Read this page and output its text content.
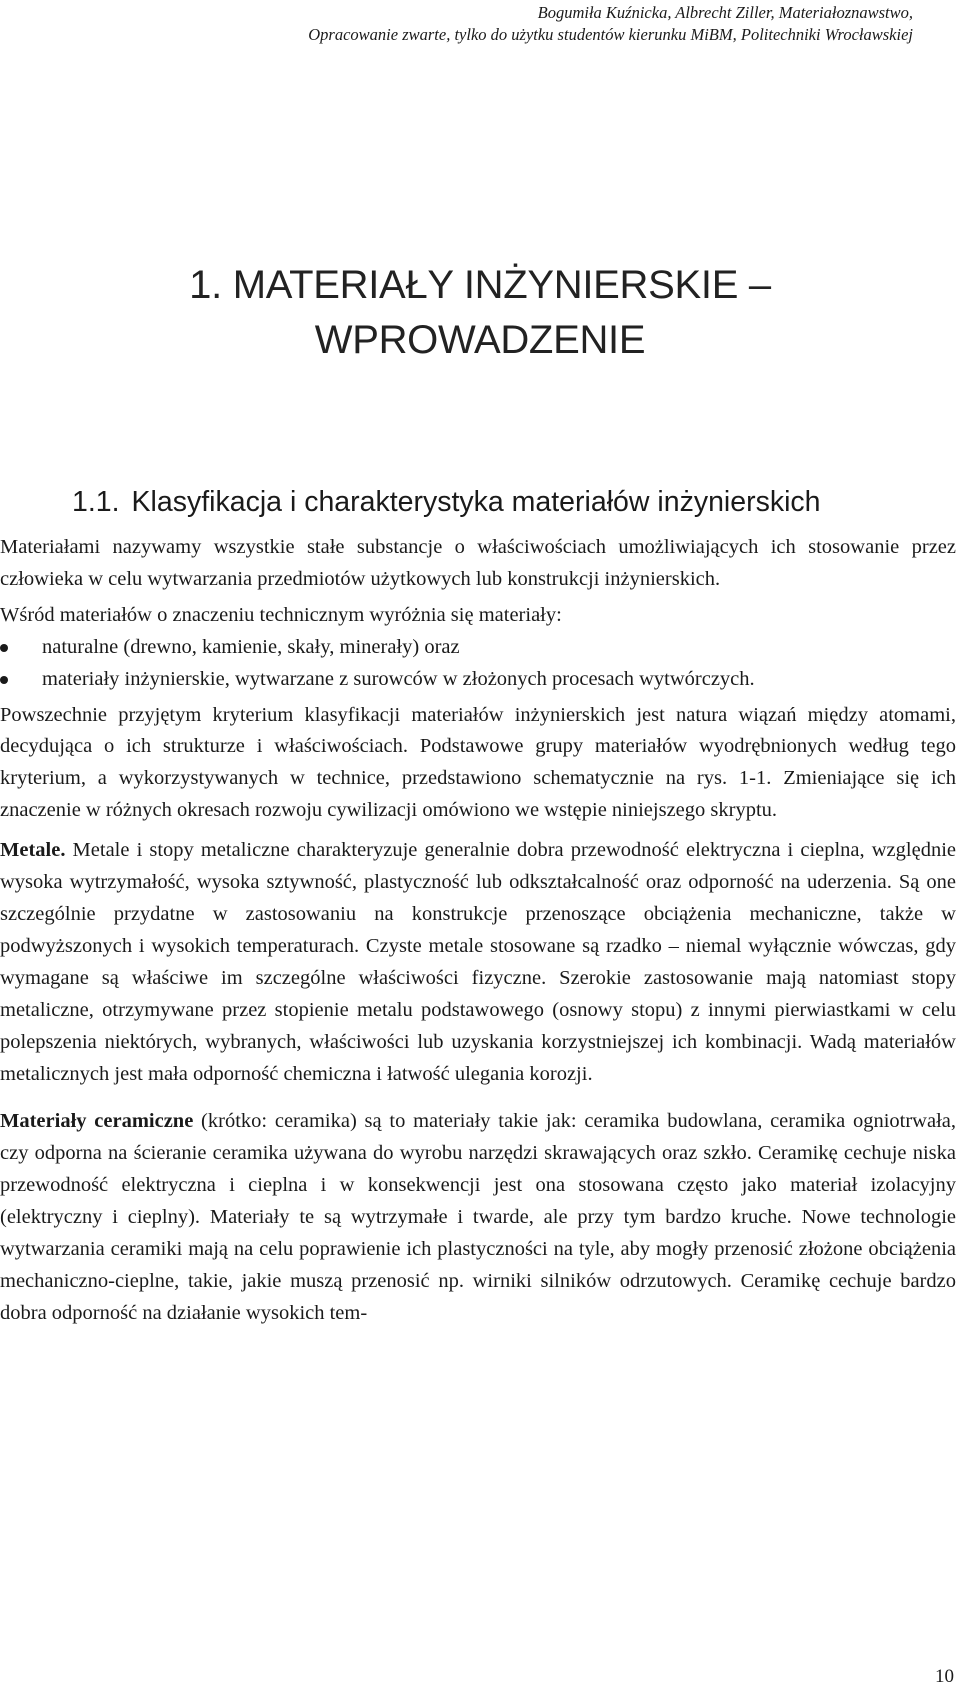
Bogumiła Kuźnicka, Albrecht Ziller, Materiałoznawstwo,
Opracowanie zwarte, tylko do użytku studentów kierunku MiBM, Politechniki Wrocławskiej
1. MATERIAŁY INŻYNIERSKIE –
WPROWADZENIE
1.1. Klasyfikacja i charakterystyka materiałów inżynierskich

Materiałami nazywamy wszystkie stałe substancje o właściwościach umożliwiających ich stosowanie przez człowieka w celu wytwarzania przedmiotów użytkowych lub konstrukcji inżynierskich.

Wśród materiałów o znaczeniu technicznym wyróżnia się materiały:

naturalne (drewno, kamienie, skały, minerały) oraz
materiały inżynierskie, wytwarzane z surowców w złożonych procesach wytwórczych.

Powszechnie przyjętym kryterium klasyfikacji materiałów inżynierskich jest natura wiązań między atomami, decydująca o ich strukturze i właściwościach. Podstawowe grupy materiałów wyodrębnionych według tego kryterium, a wykorzystywanych w technice, przedstawiono schematycznie na rys. 1-1. Zmieniające się ich znaczenie w różnych okresach rozwoju cywilizacji omówiono we wstępie niniejszego skryptu.

Metale. Metale i stopy metaliczne charakteryzuje generalnie dobra przewodność elektryczna i cieplna, względnie wysoka wytrzymałość, wysoka sztywność, plastyczność lub odkształcalność oraz odporność na uderzenia. Są one szczególnie przydatne w zastosowaniu na konstrukcje przenoszące obciążenia mechaniczne, także w podwyższonych i wysokich temperaturach. Czyste metale stosowane są rzadko – niemal wyłącznie wówczas, gdy wymagane są właściwe im szczególne właściwości fizyczne. Szerokie zastosowanie mają natomiast stopy metaliczne, otrzymywane przez stopienie metalu podstawowego (osnowy stopu) z innymi pierwiastkami w celu polepszenia niektórych, wybranych, właściwości lub uzyskania korzystniejszej ich kombinacji. Wadą materiałów metalicznych jest mała odporność chemiczna i łatwość ulegania korozji.

Materiały ceramiczne (krótko: ceramika) są to materiały takie jak: ceramika budowlana, ceramika ogniotrwała, czy odporna na ścieranie ceramika używana do wyrobu narzędzi skrawających oraz szkło. Ceramikę cechuje niska przewodność elektryczna i cieplna i w konsekwencji jest ona stosowana często jako materiał izolacyjny (elektryczny i cieplny). Materiały te są wytrzymałe i twarde, ale przy tym bardzo kruche. Nowe technologie wytwarzania ceramiki mają na celu poprawienie ich plastyczności na tyle, aby mogły przenosić złożone obciążenia mechaniczno-cieplne, takie, jakie muszą przenosić np. wirniki silników odrzutowych. Ceramikę cechuje bardzo dobra odporność na działanie wysokich tem-

10
